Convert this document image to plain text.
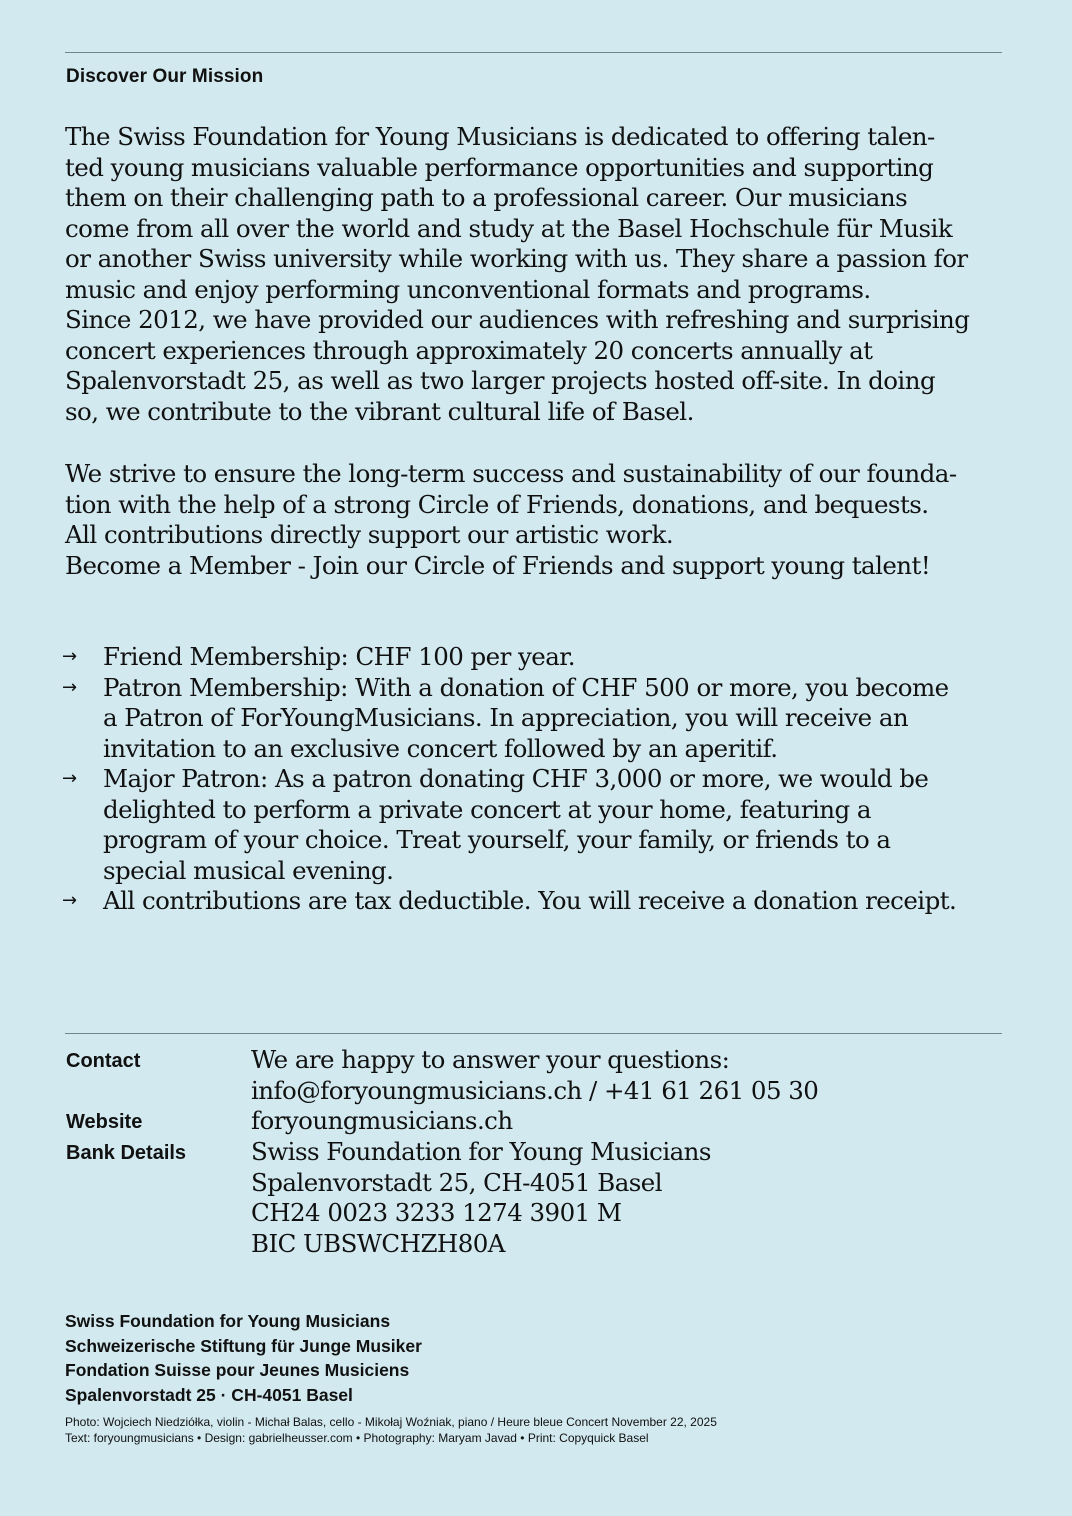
Discover Our Mission

The Swiss Foundation for Young Musicians is dedicated to offering talen-

ted young musicians valuable performance opportunities and supporting

them on their challenging path to a professional career. Our musicians

come from all over the world and study at the Basel Hochschule für Musik

or another Swiss university while working with us. They share a passion for

music and enjoy performing unconventional formats and programs.

Since 2012, we have provided our audiences with refreshing and surprising

concert experiences through approximately 20 concerts annually at

Spalenvorstadt 25, as well as two larger projects hosted off-site. In doing

so, we contribute to the vibrant cultural life of Basel.

We strive to ensure the long-term success and sustainability of our founda-

tion with the help of a strong Circle of Friends, donations, and bequests.

All contributions directly support our artistic work.

Become a Member - Join our Circle of Friends and support young talent!

→ Friend Membership: CHF 100 per year.
→ Patron Membership: With a donation of CHF 500 or more, you become
a Patron of ForYoungMusicians. In appreciation, you will receive an
invitation to an exclusive concert followed by an aperitif.
→ Major Patron: As a patron donating CHF 3,000 or more, we would be
delighted to perform a private concert at your home, featuring a
program of your choice. Treat yourself, your family, or friends to a
special musical evening.
→ All contributions are tax deductible. You will receive a donation receipt.
Contact	We are happy to answer your questions:
info@foryoungmusicians.ch / +41 61 261 05 30
Website	foryoungmusicians.ch
Bank Details	Swiss Foundation for Young Musicians
Spalenvorstadt 25, CH-4051 Basel
CH24 0023 3233 1274 3901 M
BIC UBSWCHZH80A
Swiss Foundation for Young Musicians
Schweizerische Stiftung für Junge Musiker
Fondation Suisse pour Jeunes Musiciens
Spalenvorstadt 25 · CH-4051 Basel
Photo: Wojciech Niedziółka, violin - Michał Balas, cello - Mikołaj Woźniak, piano / Heure bleue Concert November 22, 2025
Text: foryoungmusicians • Design: gabrielheusser.com • Photography: Maryam Javad • Print: Copyquick Basel
